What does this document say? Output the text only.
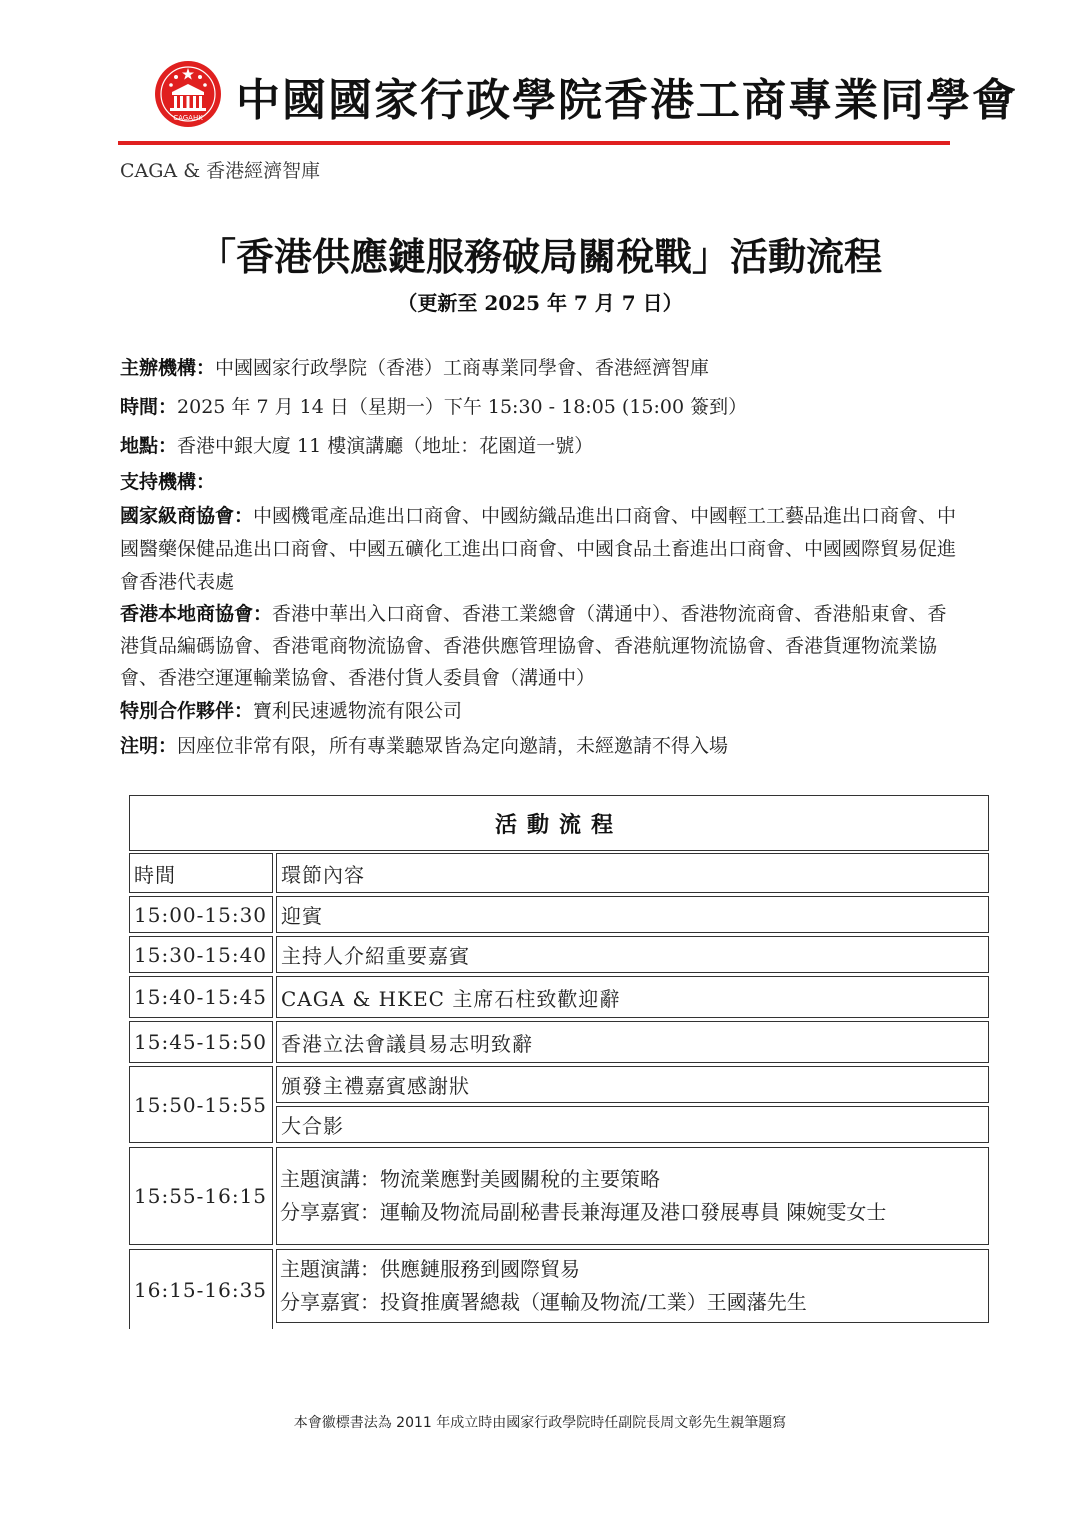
CAGAHK 中國國家行政學院香港工商專業同學會
CAGA & 香港經濟智庫
「香港供應鏈服務破局關稅戰」活動流程
（更新至 2025 年 7 月 7 日）
主辦機構：中國國家行政學院（香港）工商專業同學會、香港經濟智庫
時間：2025 年 7 月 14 日（星期一）下午 15:30 - 18:05 (15:00 簽到）
地點：香港中銀大廈 11 樓演講廳（地址：花園道一號）
支持機構：
國家級商協會：中國機電產品進出口商會、中國紡織品進出口商會、中國輕工工藝品進出口商會、中國醫藥保健品進出口商會、中國五礦化工進出口商會、中國食品土畜進出口商會、中國國際貿易促進會香港代表處
香港本地商協會：香港中華出入口商會、香港工業總會（溝通中）、香港物流商會、香港船東會、香港貨品編碼協會、香港電商物流協會、香港供應管理協會、香港航運物流協會、香港貨運物流業協會、香港空運運輸業協會、香港付貨人委員會（溝通中）
特別合作夥伴：寶利民速遞物流有限公司
注明：因座位非常有限，所有專業聽眾皆為定向邀請，未經邀請不得入場
活動流程
時間	環節內容
15:00-15:30 迎賓
15:30-15:40 主持人介紹重要嘉賓
15:40-15:45 CAGA & HKEC 主席石柱致歡迎辭
15:45-15:50 香港立法會議員易志明致辭
15:50-15:55
頒發主禮嘉賓感謝狀
大合影
15:55-16:15
主題演講：物流業應對美國關稅的主要策略
分享嘉賓：運輸及物流局副秘書長兼海運及港口發展專員 陳婉雯女士
16:15-16:35
主題演講：供應鏈服務到國際貿易
分享嘉賓：投資推廣署總裁（運輸及物流/工業）王國藩先生
本會徽標書法為 2011 年成立時由國家行政學院時任副院長周文彰先生親筆題寫
